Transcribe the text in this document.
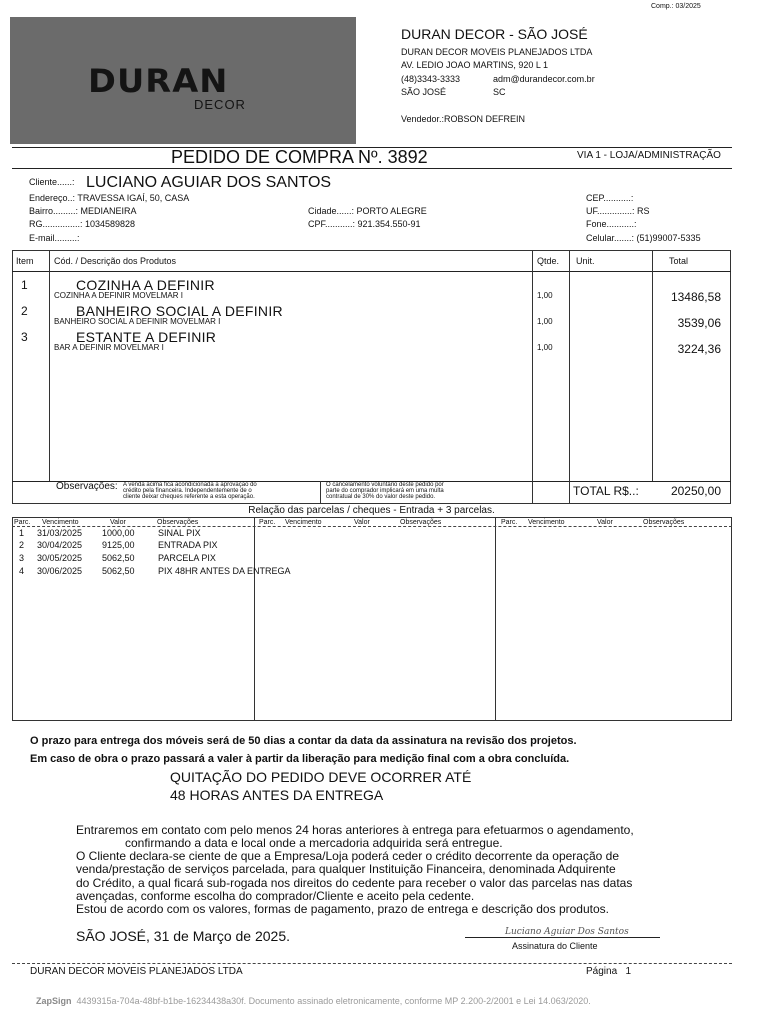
Comp.: 03/2025
DURAN
DECOR
DURAN DECOR - SÃO JOSÉ
DURAN DECOR MOVEIS PLANEJADOS LTDA
AV. LEDIO JOAO MARTINS, 920 L 1
(48)3343-3333	adm@durandecor.com.br
SÃO JOSÉ	SC
Vendedor.:ROBSON DEFREIN
PEDIDO DE COMPRA Nº. 3892	VIA 1 - LOJA/ADMINISTRAÇÃO
Cliente......: LUCIANO AGUIAR DOS SANTOS
Endereço..: TRAVESSA IGAÍ, 50, CASA
Bairro.........: MEDIANEIRA
RG...............: 1034589828
E-mail.........:
Cidade......: PORTO ALEGRE
CPF...........: 921.354.550-91
CEP...........:
UF..............: RS
Fone...........:
Celular.......: (51)99007-5335
Item Cód. / Descrição dos Produtos	Qtde. Unit.	Total
1	COZINHA A DEFINIR
COZINHA A DEFINIR MOVELMAR I	1,00	13486,58
2	BANHEIRO SOCIAL A DEFINIR
BANHEIRO SOCIAL A DEFINIR MOVELMAR I	1,00	3539,06
3	ESTANTE A DEFINIR
BAR A DEFINIR MOVELMAR I	1,00	3224,36
Observações: A venda acima fica acondicionada a aprovação do
crédito pela financeira. Independentemente de o
cliente deixar cheques referente a esta operação.
O cancelamento voluntário deste pedido por
parte do comprador implicará em uma multa
contratual de 30% do valor deste pedido.	TOTAL R$..:	20250,00
Relação das parcelas / cheques - Entrada + 3 parcelas.
Parc. Vencimento	Valor	Observações	Parc. Vencimento	Valor	Observações	Parc. Vencimento	Valor	Observações
1 31/03/2025 1000,00	SINAL PIX
2 30/04/2025 9125,00	ENTRADA PIX
3 30/05/2025 5062,50	PARCELA PIX
4 30/06/2025 5062,50	PIX 48HR ANTES DA ENTREGA
O prazo para entrega dos móveis será de 50 dias a contar da data da assinatura na revisão dos projetos.
Em caso de obra o prazo passará a valer à partir da liberação para medição final com a obra concluída.
QUITAÇÃO DO PEDIDO DEVE OCORRER ATÉ
48 HORAS ANTES DA ENTREGA
Entraremos em contato com pelo menos 24 horas anteriores à entrega para efetuarmos o agendamento,
confirmando a data e local onde a mercadoria adquirida será entregue.
O Cliente declara-se ciente de que a Empresa/Loja poderá ceder o crédito decorrente da operação de
venda/prestação de serviços parcelada, para qualquer Instituição Financeira, denominada Adquirente
do Crédito, a qual ficará sub-rogada nos direitos do cedente para receber o valor das parcelas nas datas
avençadas, conforme escolha do comprador/Cliente e aceito pela cedente.
Estou de acordo com os valores, formas de pagamento, prazo de entrega e descrição dos produtos.
SÃO JOSÉ, 31 de Março de 2025.	Luciano Aguiar Dos Santos
Assinatura do Cliente
DURAN DECOR MOVEIS PLANEJADOS LTDA	Página   1
ZapSign 4439315a-704a-48bf-b1be-16234438a30f. Documento assinado eletronicamente, conforme MP 2.200-2/2001 e Lei 14.063/2020.
